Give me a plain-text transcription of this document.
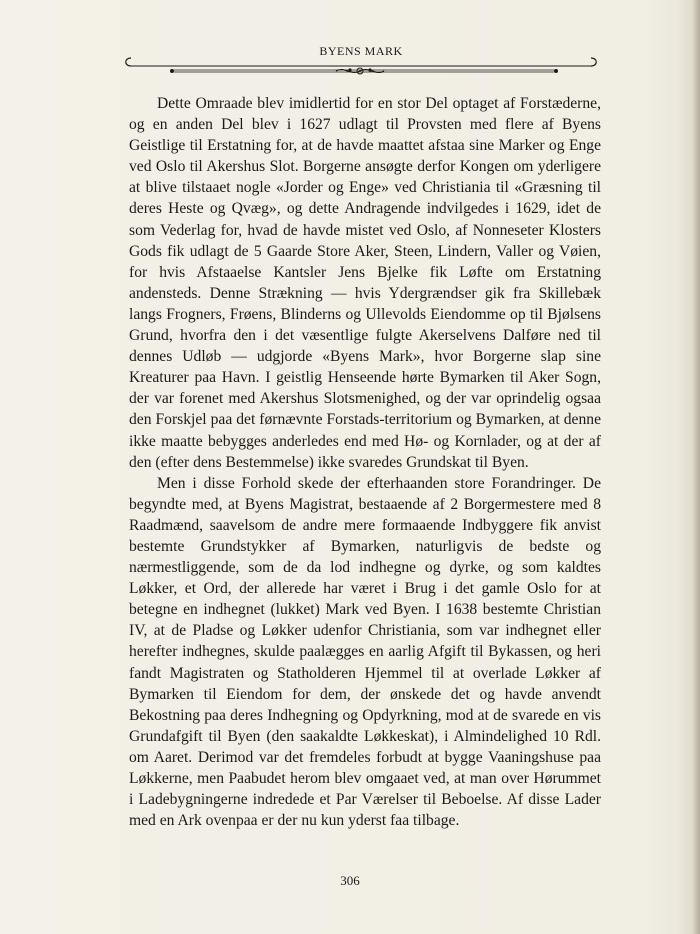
BYENS MARK

Dette Omraade blev imidlertid for en stor Del optaget af Forstæderne, og en anden Del blev i 1627 udlagt til Provsten med flere af Byens Geistlige til Erstatning for, at de havde maattet afstaa sine Marker og Enge ved Oslo til Akershus Slot. Borgerne ansøgte derfor Kongen om yderligere at blive tilstaaet nogle «Jorder og Enge» ved Christiania til «Græsning til deres Heste og Qvæg», og dette Andragende indvilgedes i 1629, idet de som Vederlag for, hvad de havde mistet ved Oslo, af Nonneseter Klosters Gods fik udlagt de 5 Gaarde Store Aker, Steen, Lindern, Valler og Vøien, for hvis Afstaaelse Kantsler Jens Bjelke fik Løfte om Erstatning andensteds. Denne Strækning — hvis Ydergrændser gik fra Skillebæk langs Frogners, Frøens, Blinderns og Ullevolds Eiendomme op til Bjølsens Grund, hvorfra den i det væsentlige fulgte Akerselvens Dalføre ned til dennes Udløb — udgjorde «Byens Mark», hvor Borgerne slap sine Kreaturer paa Havn. I geistlig Henseende hørte Bymarken til Aker Sogn, der var forenet med Akershus Slotsmenighed, og der var oprindelig ogsaa den Forskjel paa det førnævnte Forstads-territorium og Bymarken, at denne ikke maatte bebygges anderledes end med Hø- og Kornlader, og at der af den (efter dens Bestemmelse) ikke svaredes Grundskat til Byen.

Men i disse Forhold skede der efterhaanden store Forandringer. De begyndte med, at Byens Magistrat, bestaaende af 2 Borgermestere med 8 Raadmænd, saavelsom de andre mere formaaende Indbyggere fik anvist bestemte Grundstykker af Bymarken, naturligvis de bedste og nærmestliggende, som de da lod indhegne og dyrke, og som kaldtes Løkker, et Ord, der allerede har været i Brug i det gamle Oslo for at betegne en indhegnet (lukket) Mark ved Byen. I 1638 bestemte Christian IV, at de Pladse og Løkker udenfor Christiania, som var indhegnet eller herefter indhegnes, skulde paalægges en aarlig Afgift til Bykassen, og heri fandt Magistraten og Statholderen Hjemmel til at overlade Løkker af Bymarken til Eiendom for dem, der ønskede det og havde anvendt Bekostning paa deres Indhegning og Opdyrkning, mod at de svarede en vis Grundafgift til Byen (den saakaldte Løkkeskat), i Almindelighed 10 Rdl. om Aaret. Derimod var det fremdeles forbudt at bygge Vaaningshuse paa Løkkerne, men Paabudet herom blev omgaaet ved, at man over Hørummet i Ladebygningerne indredede et Par Værelser til Beboelse. Af disse Lader med en Ark ovenpaa er der nu kun yderst faa tilbage.

306
